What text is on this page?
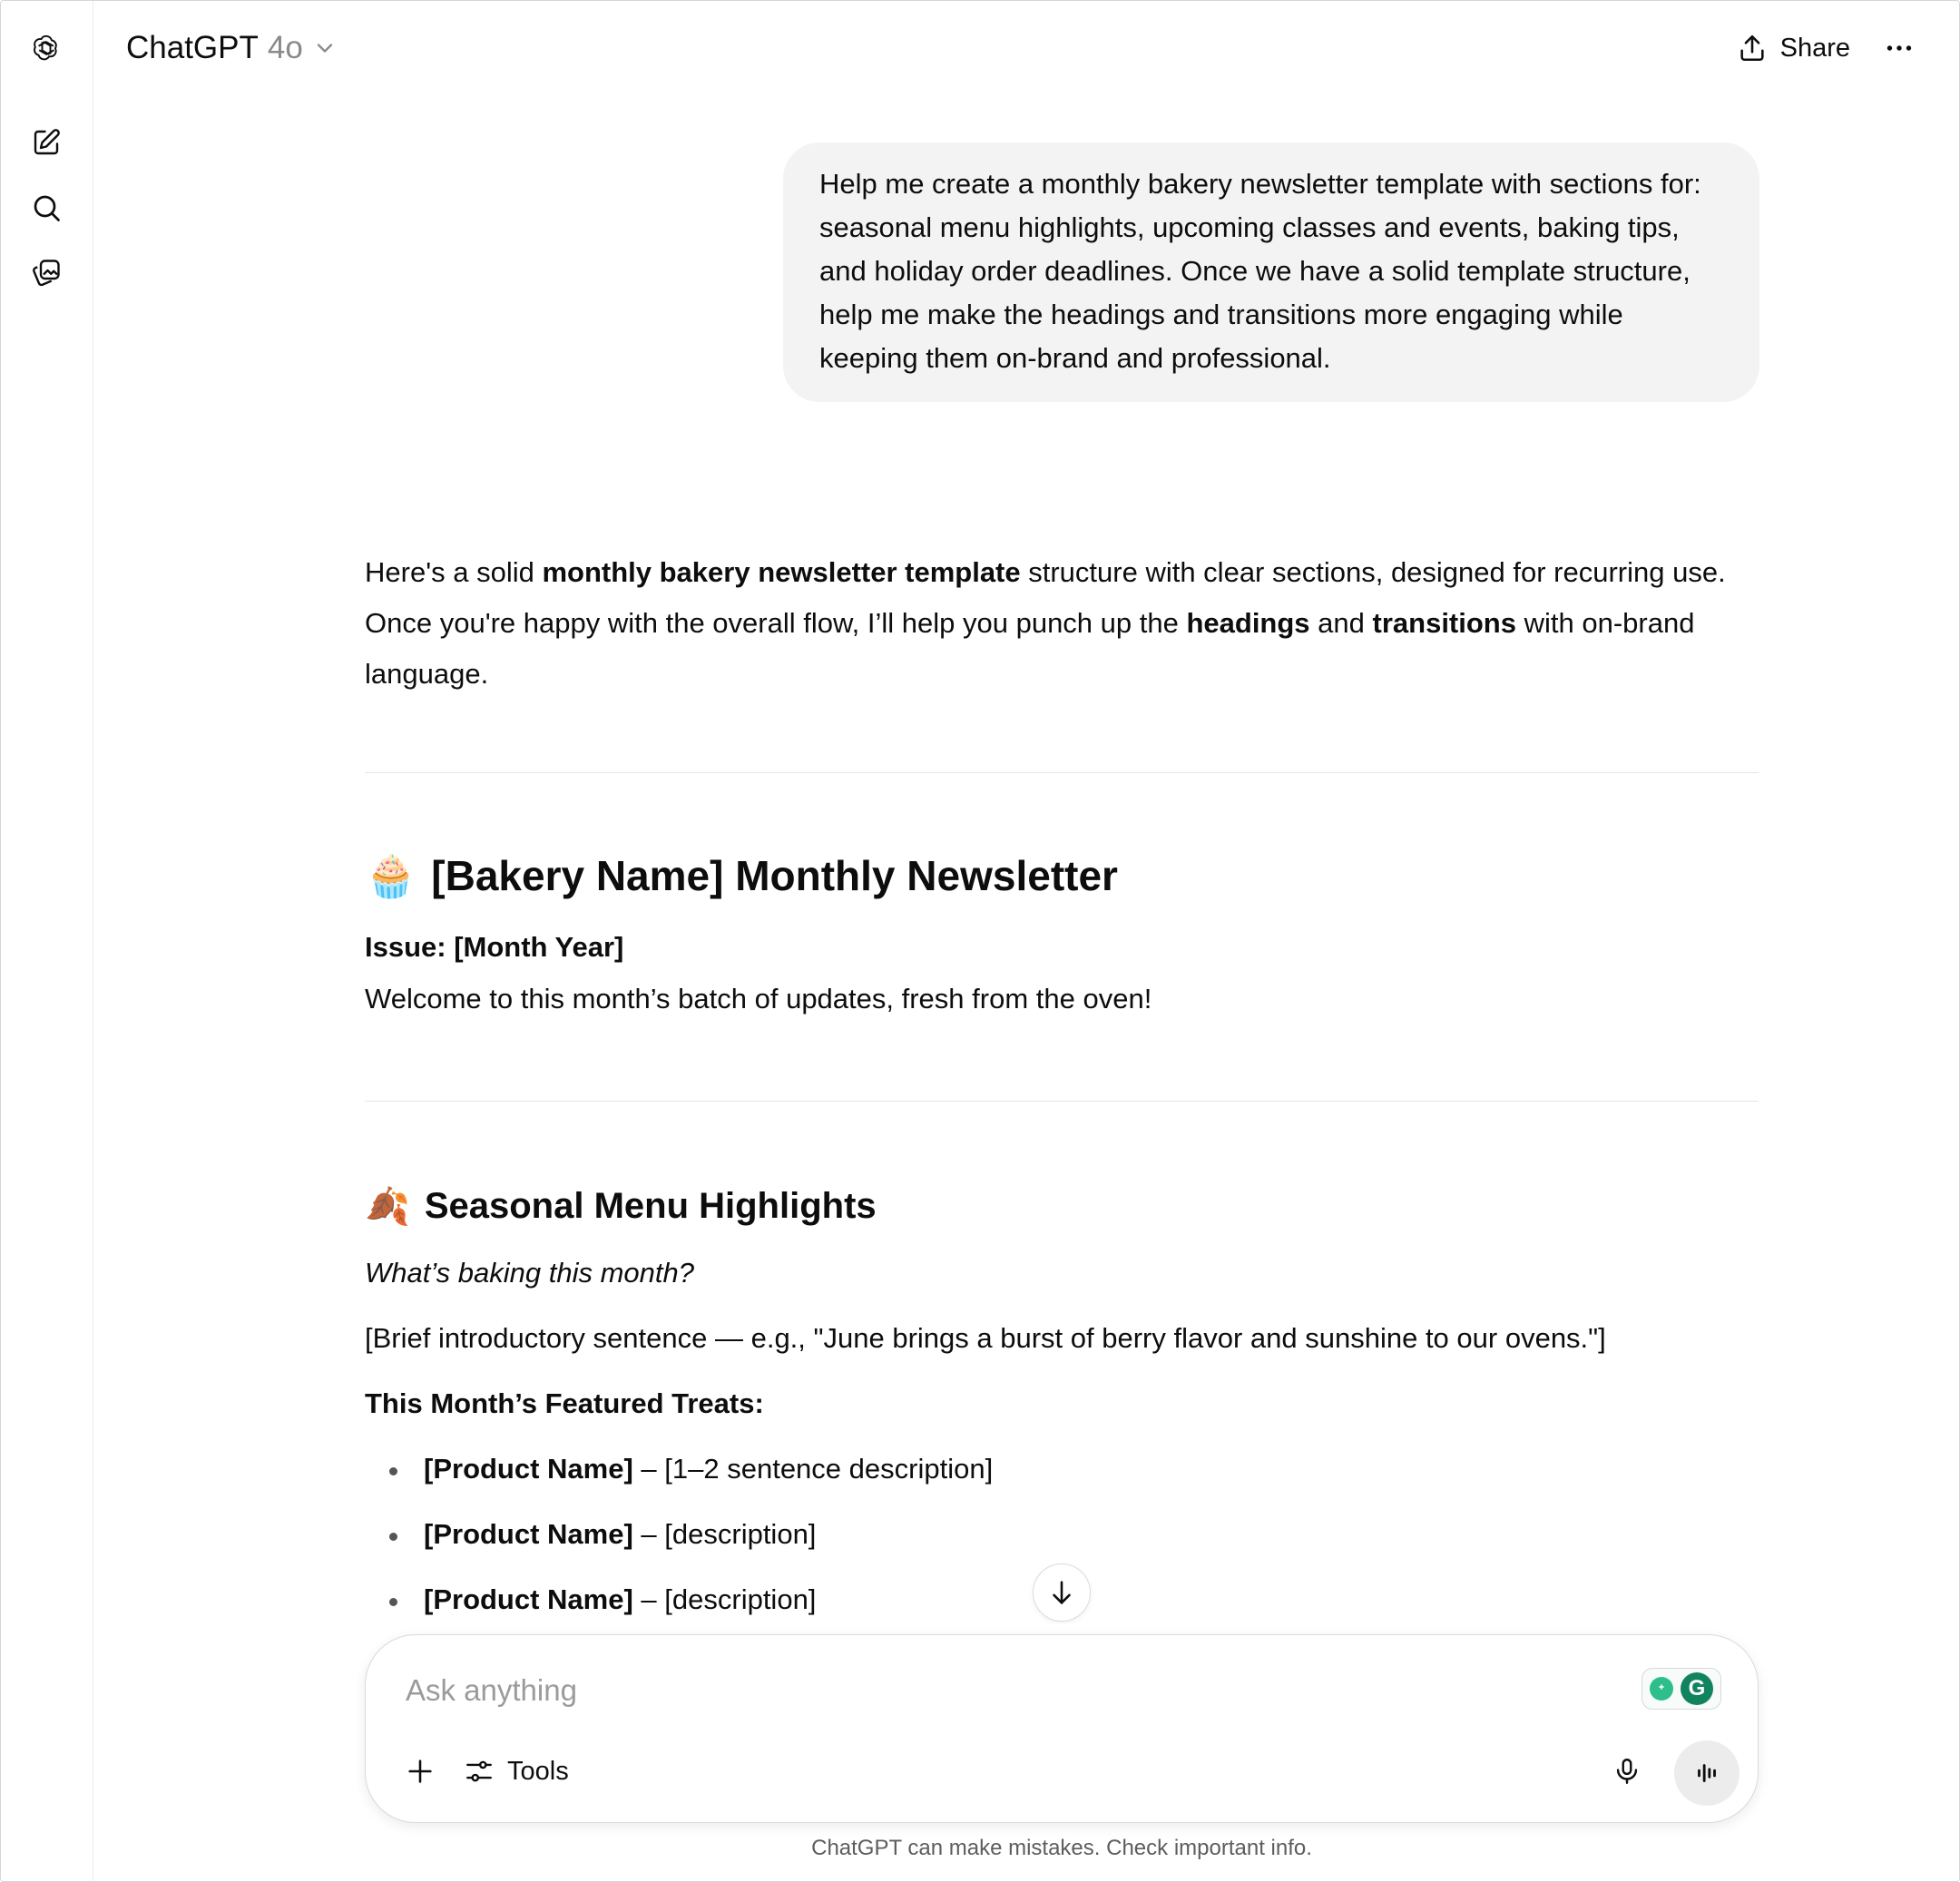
ChatGPT 4o	Share
Help me create a monthly bakery newsletter template with sections for: seasonal menu highlights, upcoming classes and events, baking tips, and holiday order deadlines. Once we have a solid template structure, help me make the headings and transitions more engaging while keeping them on-brand and professional.

Here's a solid monthly bakery newsletter template structure with clear sections, designed for recurring use. Once you're happy with the overall flow, I’ll help you punch up the headings and transitions with on-brand language.

🧁 [Bakery Name] Monthly Newsletter
Issue: [Month Year]
Welcome to this month’s batch of updates, fresh from the oven!
🍂 Seasonal Menu Highlights
What’s baking this month?
[Brief introductory sentence — e.g., "June brings a burst of berry flavor and sunshine to our ovens."]
This Month’s Featured Treats:
[Product Name] – [1–2 sentence description]
[Product Name] – [description]
[Product Name] – [description]
Ask anything
G
Tools
ChatGPT can make mistakes. Check important info.
